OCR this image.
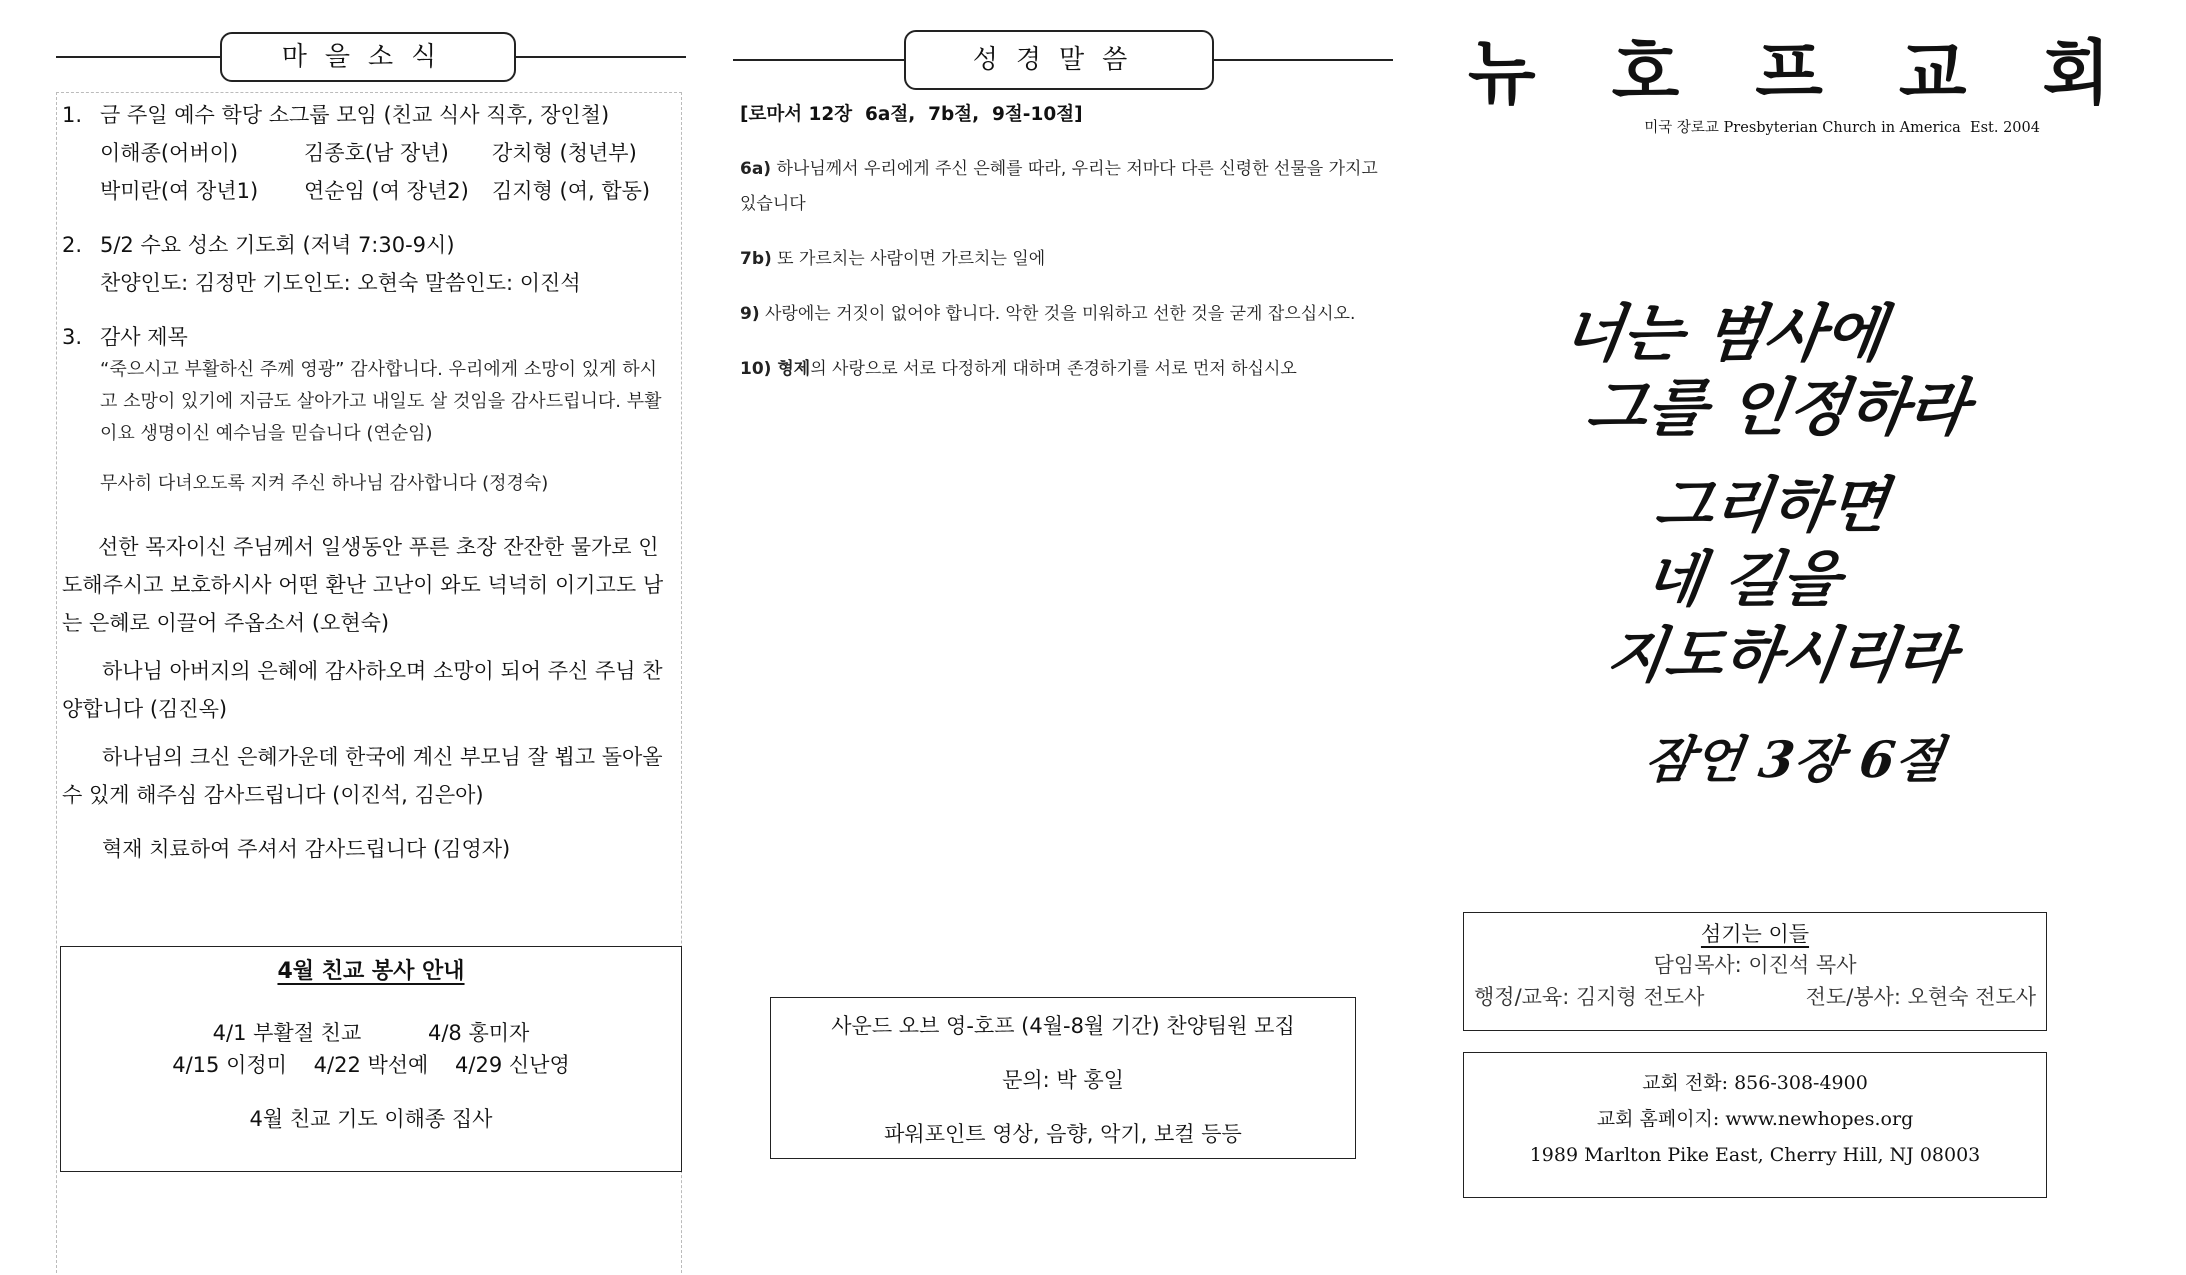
마을소식
1. 금 주일 예수 학당 소그룹 모임 (친교 식사 직후, 장인철)
이해종(어버이)	김종호(남 장년)	강치형 (청년부)
박미란(여 장년1)	연순임 (여 장년2)	김지형 (여, 합동)
2. 5/2 수요 성소 기도회 (저녁 7:30-9시)
찬양인도: 김정만 기도인도: 오현숙 말씀인도: 이진석
3. 감사 제목
“죽으시고 부활하신 주께 영광” 감사합니다. 우리에게 소망이 있게 하시고 소망이 있기에 지금도 살아가고 내일도 살 것임을 감사드립니다. 부활이요 생명이신 예수님을 믿습니다 (연순임)
무사히 다녀오도록 지켜 주신 하나님 감사합니다 (정경숙)
선한 목자이신 주님께서 일생동안 푸른 초장 잔잔한 물가로 인도해주시고 보호하시사 어떤 환난 고난이 와도 넉넉히 이기고도 남는 은혜로 이끌어 주옵소서 (오현숙)
하나님 아버지의 은혜에 감사하오며 소망이 되어 주신 주님 찬양합니다 (김진옥)
하나님의 크신 은혜가운데 한국에 계신 부모님 잘 뵙고 돌아올수 있게 해주심 감사드립니다 (이진석, 김은아)
혁재 치료하여 주셔서 감사드립니다 (김영자)
4월 친교 봉사 안내
4/1 부활절 친교          4/8 홍미자
4/15 이정미    4/22 박선예    4/29 신난영
4월 친교 기도 이해종 집사
성경말씀
[로마서 12장  6a절,  7b절,  9절-10절]
6a) 하나님께서 우리에게 주신 은혜를 따라, 우리는 저마다 다른 신령한 선물을 가지고 있습니다
7b) 또 가르치는 사람이면 가르치는 일에
9) 사랑에는 거짓이 없어야 합니다. 악한 것을 미워하고 선한 것을 굳게 잡으십시오.
10) 형제의 사랑으로 서로 다정하게 대하며 존경하기를 서로 먼저 하십시오
사운드 오브 영-호프 (4월-8월 기간) 찬양팀원 모집
문의: 박 홍일
파워포인트 영상, 음향, 악기, 보컬 등등
뉴호프교회
미국 장로교 Presbyterian Church in America  Est. 2004
너는 범사에
그를 인정하라
그리하면
네 길을
지도하시리라
잠언 3장 6절
섬기는 이들
담임목사: 이진석 목사
행정/교육: 김지형 전도사	전도/봉사: 오현숙 전도사
교회 전화: 856-308-4900
교회 홈페이지: www.newhopes.org
1989 Marlton Pike East, Cherry Hill, NJ 08003
